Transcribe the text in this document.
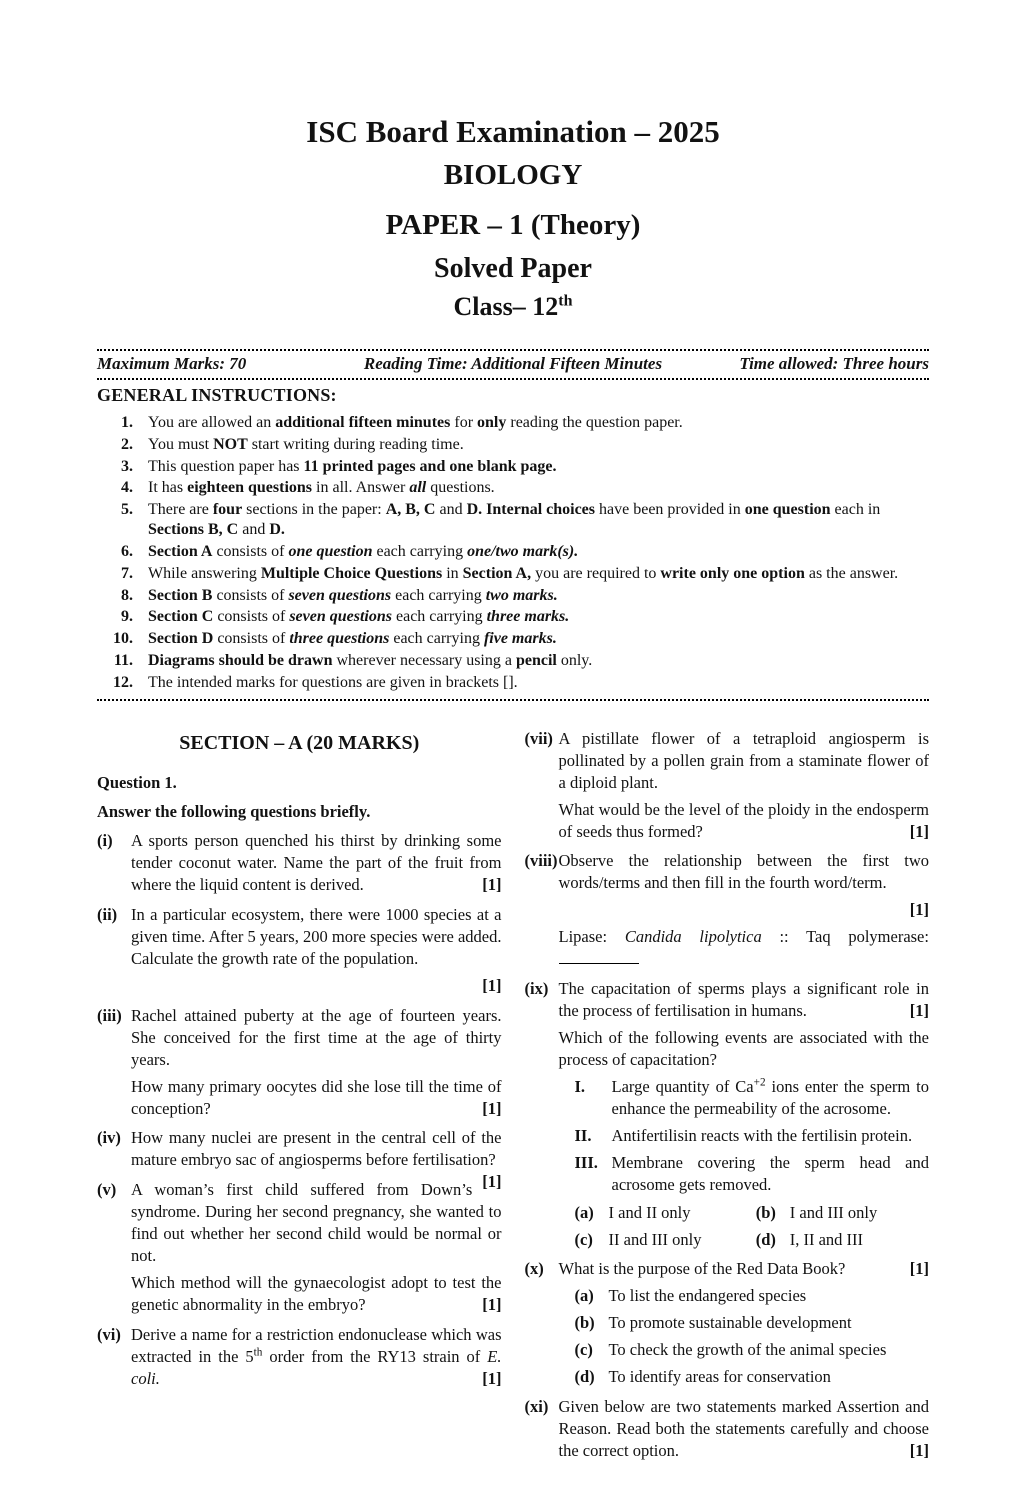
ISC Board Examination – 2025
BIOLOGY
PAPER – 1 (Theory)
Solved Paper
Class– 12th
Maximum Marks: 70	Reading Time: Additional Fifteen Minutes	Time allowed: Three hours
GENERAL INSTRUCTIONS:
1. You are allowed an additional fifteen minutes for only reading the question paper.
2. You must NOT start writing during reading time.
3. This question paper has 11 printed pages and one blank page.
4. It has eighteen questions in all. Answer all questions.
5. There are four sections in the paper: A, B, C and D. Internal choices have been provided in one question each in Sections B, C and D.
6. Section A consists of one question each carrying one/two mark(s).
7. While answering Multiple Choice Questions in Section A, you are required to write only one option as the answer.
8. Section B consists of seven questions each carrying two marks.
9. Section C consists of seven questions each carrying three marks.
10. Section D consists of three questions each carrying five marks.
11. Diagrams should be drawn wherever necessary using a pencil only.
12. The intended marks for questions are given in brackets [].
SECTION – A (20 MARKS)
Question 1.
Answer the following questions briefly.
(i) A sports person quenched his thirst by drinking some tender coconut water. Name the part of the fruit from where the liquid content is derived.	[1]
(ii) In a particular ecosystem, there were 1000 species at a given time. After 5 years, 200 more species were added. Calculate the growth rate of the population.
[1]
(iii) Rachel attained puberty at the age of fourteen years. She conceived for the first time at the age of thirty years.
How many primary oocytes did she lose till the time of conception?	[1]
(iv) How many nuclei are present in the central cell of the mature embryo sac of angiosperms before fertilisation?
[1]
(v) A woman’s first child suffered from Down’s syndrome. During her second pregnancy, she wanted to find out whether her second child would be normal or not.
Which method will the gynaecologist adopt to test the genetic abnormality in the embryo?	[1]
(vi) Derive a name for a restriction endonuclease which was extracted in the 5th order from the RY13 strain of E. coli.	[1]
(vii) A pistillate flower of a tetraploid angiosperm is pollinated by a pollen grain from a staminate flower of a diploid plant.
What would be the level of the ploidy in the endosperm of seeds thus formed?	[1]
(viii) Observe the relationship between the first two words/terms and then fill in the fourth word/term.
[1]
Lipase: Candida lipolytica :: Taq polymerase:
(ix) The capacitation of sperms plays a significant role in the process of fertilisation in humans.	[1]
Which of the following events are associated with the process of capacitation?
I. Large quantity of $Ca^{+2}$ ions enter the sperm to enhance the permeability of the acrosome.
II. Antifertilisin reacts with the fertilisin protein.
III. Membrane covering the sperm head and acrosome gets removed.
(a) I and II only	(b) I and III only
(c) II and III only	(d) I, II and III
(x) What is the purpose of the Red Data Book?	[1]
(a) To list the endangered species
(b) To promote sustainable development
(c) To check the growth of the animal species
(d) To identify areas for conservation
(xi) Given below are two statements marked Assertion and Reason. Read both the statements carefully and choose the correct option.	[1]
